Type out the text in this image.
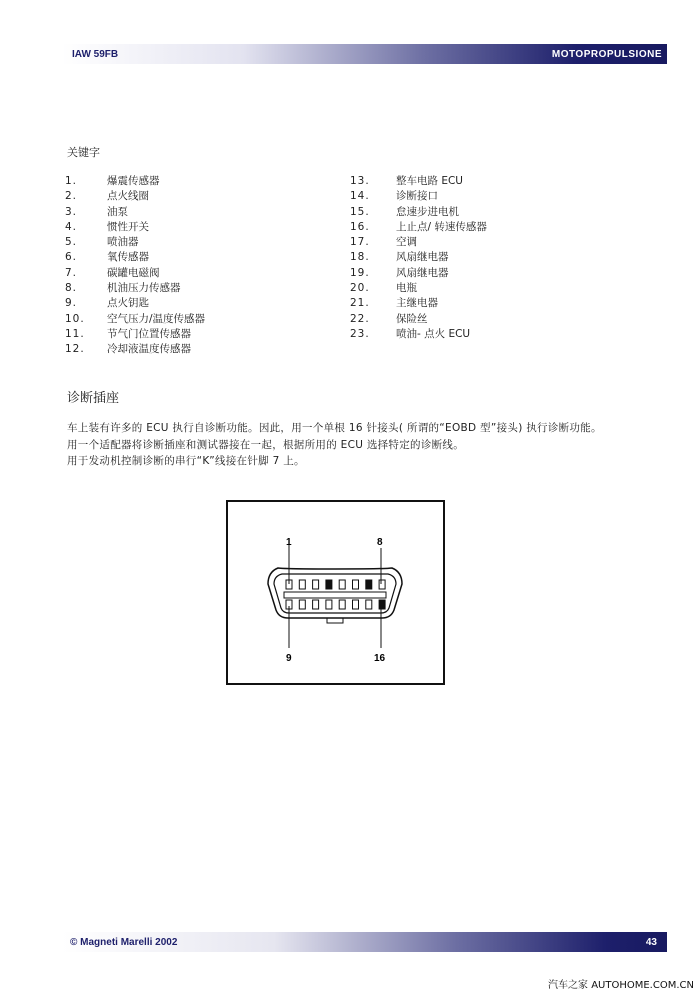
IAW 59FB	MOTOPROPULSIONE
关键字
1.	爆震传感器
2.	点火线圈
3.	油泵
4.	惯性开关
5.	喷油器
6.	氧传感器
7.	碳罐电磁阀
8.	机油压力传感器
9.	点火钥匙
10. 空气压力/温度传感器
11. 节气门位置传感器
12. 冷却液温度传感器
13.	整车电路 ECU
14.	诊断接口
15.	怠速步进电机
16.	上止点/ 转速传感器
17.	空调
18.	风扇继电器
19.	风扇继电器
20.	电瓶
21.	主继电器
22.	保险丝
23.	喷油- 点火 ECU
诊断插座
车上装有许多的 ECU 执行自诊断功能。因此，用一个单根 16 针接头( 所谓的“EOBD 型”接头) 执行诊断功能。
用一个适配器将诊断插座和测试器接在一起，根据所用的 ECU 选择特定的诊断线。
用于发动机控制诊断的串行“K”线接在针脚 7 上。
1	8
9	16
© Magneti Marelli 2002	43
汽车之家 AUTOHOME.COM.CN
